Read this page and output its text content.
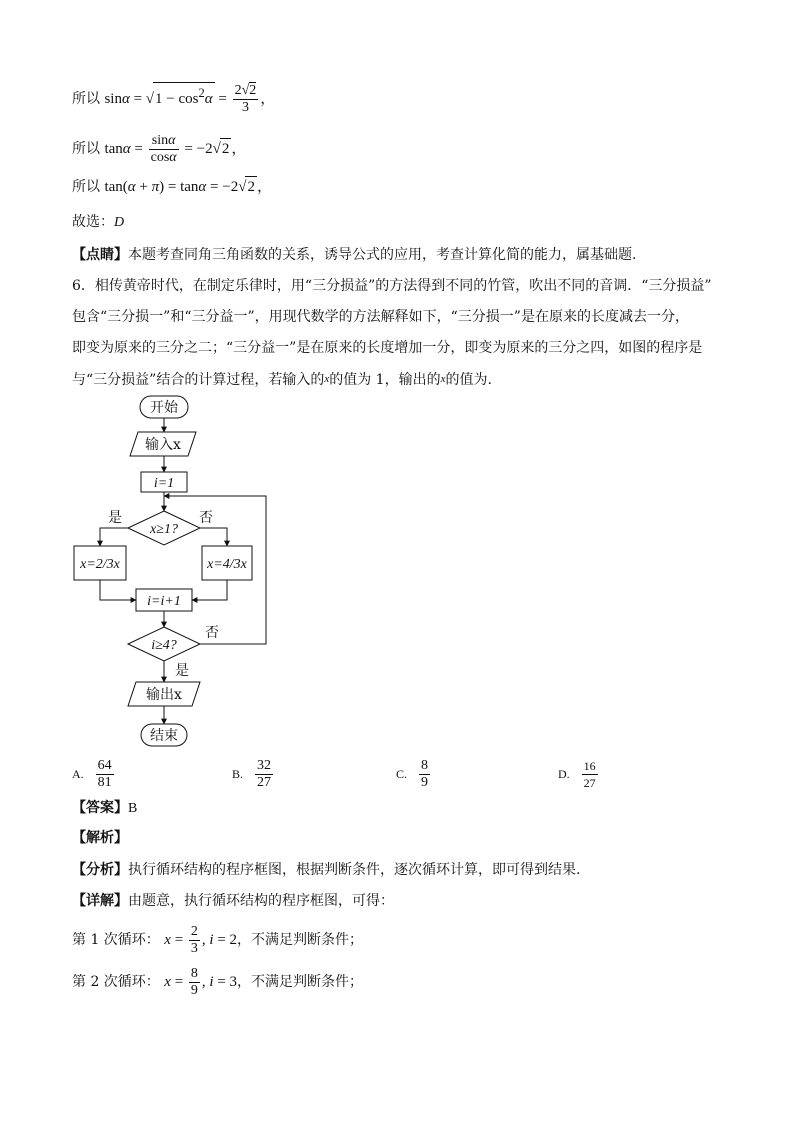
所以 $\sin\alpha = √1 - \cos^2\alpha = \frac{2√2}{3}$ ，
所以 $\tan\alpha = \frac{\sin\alpha}{\cos\alpha} = -2√2$ ，
所以 tan(α + π) = tanα = −2√2 ，
故选：D
【点睛】本题考查同角三角函数的关系，诱导公式的应用，考查计算化简的能力，属基础题.
6．相传黄帝时代，在制定乐律时，用“三分损益”的方法得到不同的竹管，吹出不同的音调．“三分损益”
包含“三分损一”和“三分益一”，用现代数学的方法解释如下，“三分损一”是在原来的长度减去一分，
即变为原来的三分之二；“三分益一”是在原来的长度增加一分，即变为原来的三分之四，如图的程序是
与“三分损益”结合的计算过程，若输入的x的值为 1，输出的x的值为.
开始
输入x
i=1
x≥1?
是	否
x=2/3x	x=4/3x
i=i+1
i≥4?
否
是
输出x
结束
A. $\frac{64}{81}$	B. $\frac{32}{27}$	C. $\frac{8}{9}$	D. $\frac{16}{27}$
【答案】B
【解析】
【分析】执行循环结构的程序框图，根据判断条件，逐次循环计算，即可得到结果.
【详解】由题意，执行循环结构的程序框图，可得：
第 1 次循环： $x = \frac{2}{3}$ , i = 2，不满足判断条件；
第 2 次循环： $x = \frac{8}{9}$ , i = 3，不满足判断条件；
